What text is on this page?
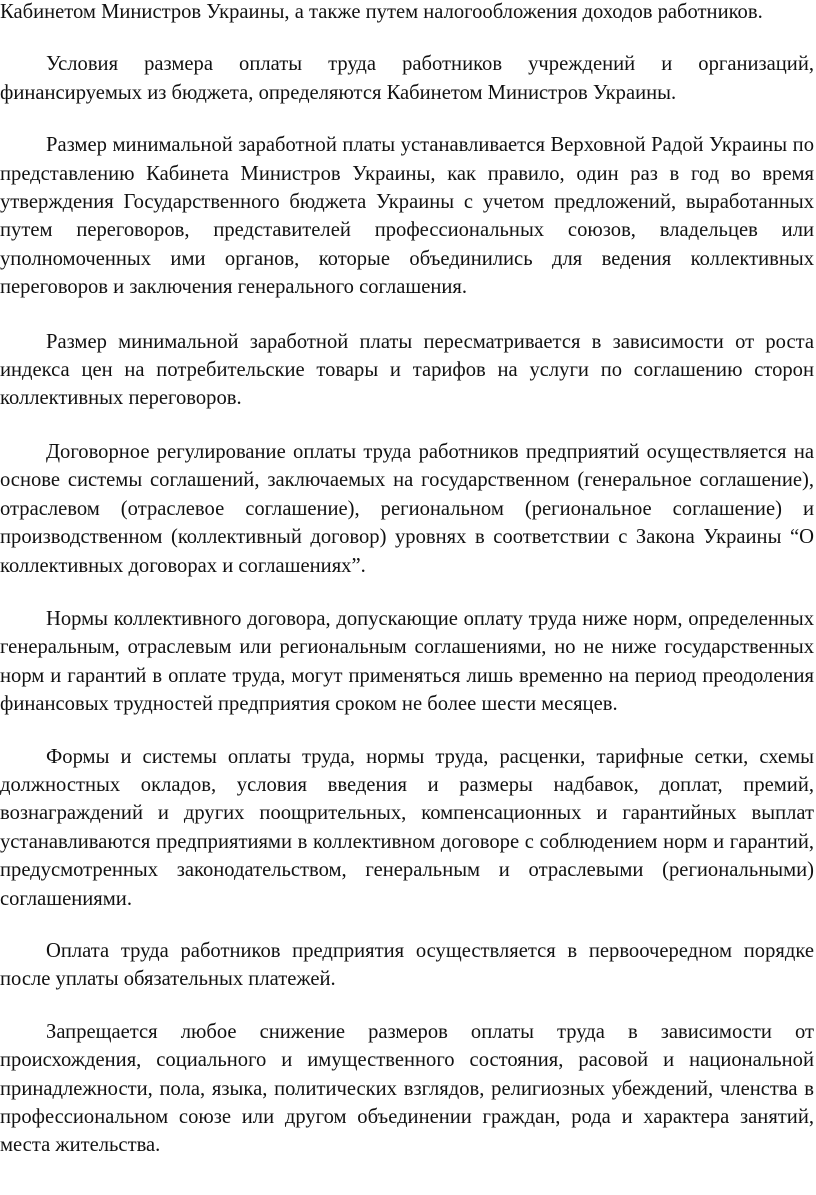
Кабинетом Министров Украины, а также путем налогообложения доходов работников.

Условия размера оплаты труда работников учреждений и организаций, финансируемых из бюджета, определяются Кабинетом Министров Украины.

Размер минимальной заработной платы устанавливается Верховной Радой Украины по представлению Кабинета Министров Украины, как правило, один раз в год во время утверждения Государственного бюджета Украины с учетом предложений, выработанных путем переговоров, представителей профессиональных союзов, владельцев или уполномоченных ими органов, которые объединились для ведения коллективных переговоров и заключения генерального соглашения.

Размер минимальной заработной платы пересматривается в зависимости от роста индекса цен на потребительские товары и тарифов на услуги по соглашению сторон коллективных переговоров.

Договорное регулирование оплаты труда работников предприятий осуществляется на основе системы соглашений, заключаемых на государственном (генеральное соглашение), отраслевом (отраслевое соглашение), региональном (региональное соглашение) и производственном (коллективный договор) уровнях в соответствии с Закона Украины “О коллективных договорах и соглашениях”.

Нормы коллективного договора, допускающие оплату труда ниже норм, определенных генеральным, отраслевым или региональным соглашениями, но не ниже государственных норм и гарантий в оплате труда, могут применяться лишь временно на период преодоления финансовых трудностей предприятия сроком не более шести месяцев.

Формы и системы оплаты труда, нормы труда, расценки, тарифные сетки, схемы должностных окладов, условия введения и размеры надбавок, доплат, премий, вознаграждений и других поощрительных, компенсационных и гарантийных выплат устанавливаются предприятиями в коллективном договоре с соблюдением норм и гарантий, предусмотренных законодательством, генеральным и отраслевыми (региональными) соглашениями.

Оплата труда работников предприятия осуществляется в первоочередном порядке после уплаты обязательных платежей.

Запрещается любое снижение размеров оплаты труда в зависимости от происхождения, социального и имущественного состояния, расовой и национальной принадлежности, пола, языка, политических взглядов, религиозных убеждений, членства в профессиональном союзе или другом объединении граждан, рода и характера занятий, места жительства.
